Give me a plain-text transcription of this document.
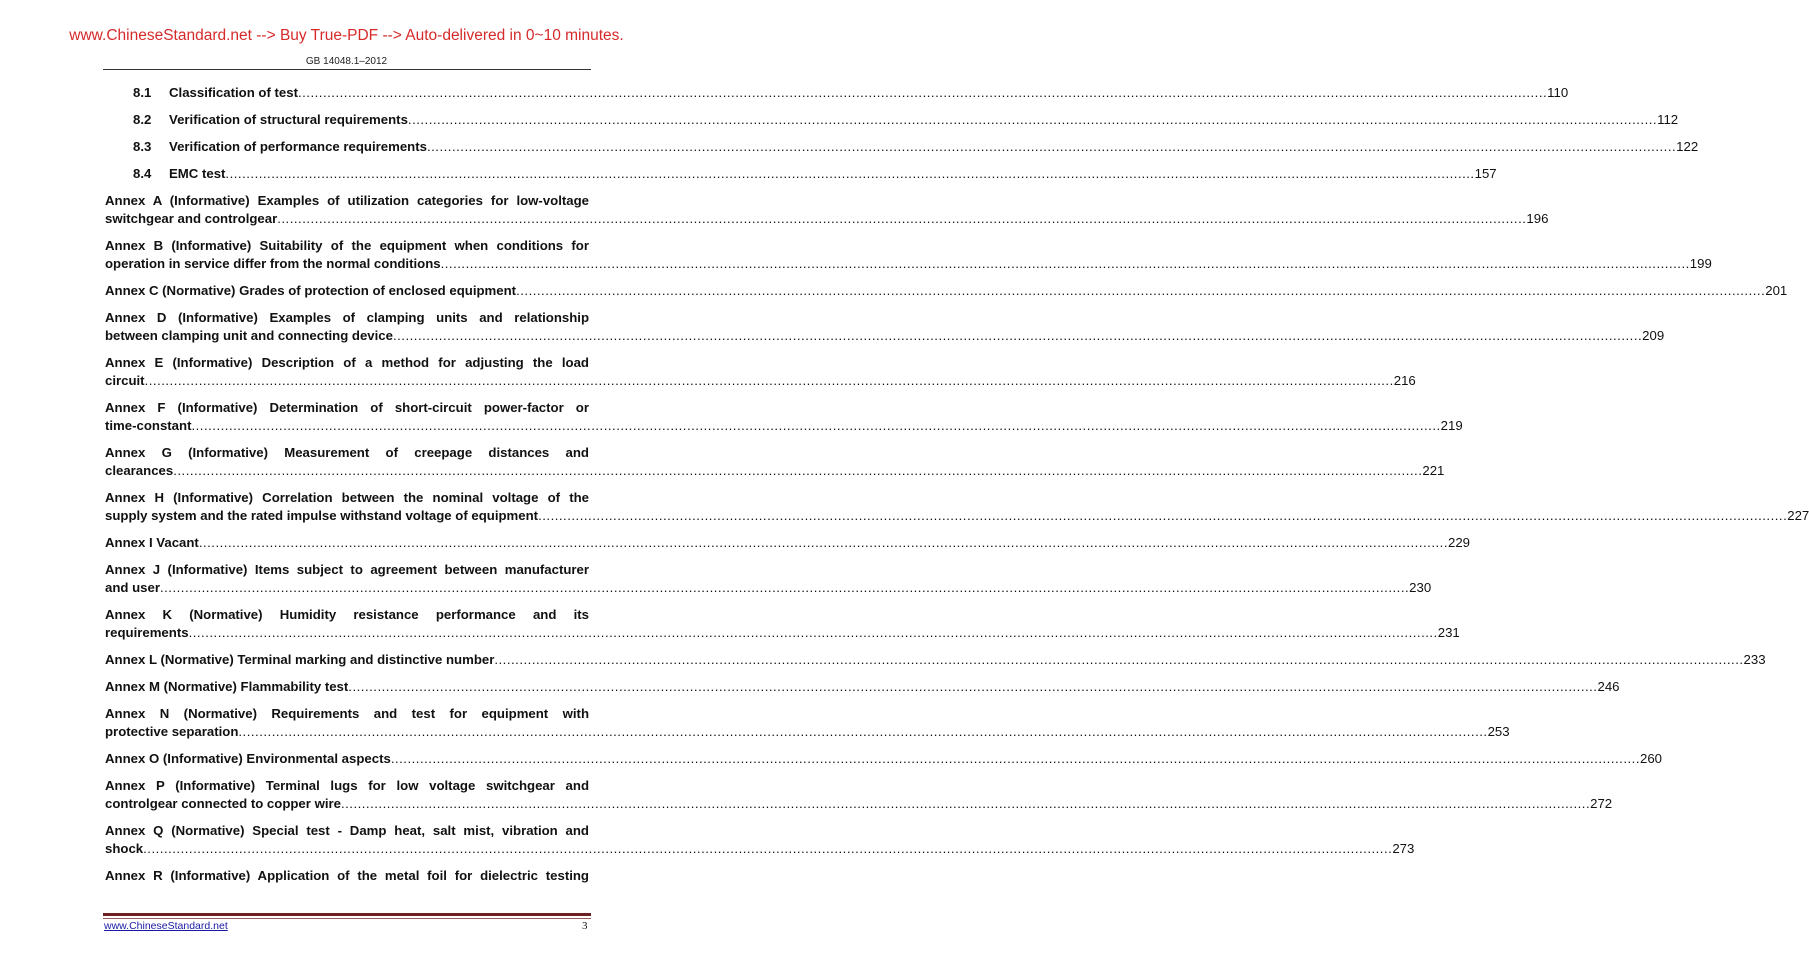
www.ChineseStandard.net --> Buy True-PDF --> Auto-delivered in 0~10 minutes.
GB 14048.1–2012
8.1	Classification of test ............................................................................................................................................................................................................................................................................................................ 110
8.2	Verification of structural requirements ............................................................................................................................................................................................................................................................................................................ 112
8.3	Verification of performance requirements ............................................................................................................................................................................................................................................................................................................ 122
8.4	EMC test ............................................................................................................................................................................................................................................................................................................ 157
Annex A (Informative) Examples of utilization categories for low-voltage
switchgear and controlgear ............................................................................................................................................................................................................................................................................................................ 196
Annex B (Informative) Suitability of the equipment when conditions for
operation in service differ from the normal conditions ............................................................................................................................................................................................................................................................................................................ 199
Annex C (Normative) Grades of protection of enclosed equipment ............................................................................................................................................................................................................................................................................................................ 201
Annex D (Informative) Examples of clamping units and relationship
between clamping unit and connecting device ............................................................................................................................................................................................................................................................................................................ 209
Annex E (Informative) Description of a method for adjusting the load
circuit ............................................................................................................................................................................................................................................................................................................ 216
Annex F (Informative) Determination of short-circuit power-factor or
time-constant ............................................................................................................................................................................................................................................................................................................ 219
Annex G (Informative) Measurement of creepage distances and
clearances ............................................................................................................................................................................................................................................................................................................ 221
Annex H (Informative) Correlation between the nominal voltage of the
supply system and the rated impulse withstand voltage of equipment ............................................................................................................................................................................................................................................................................................................ 227
Annex I Vacant ............................................................................................................................................................................................................................................................................................................ 229
Annex J (Informative) Items subject to agreement between manufacturer
and user ............................................................................................................................................................................................................................................................................................................ 230
Annex K (Normative) Humidity resistance performance and its
requirements ............................................................................................................................................................................................................................................................................................................ 231
Annex L (Normative) Terminal marking and distinctive number ............................................................................................................................................................................................................................................................................................................ 233
Annex M (Normative) Flammability test ............................................................................................................................................................................................................................................................................................................ 246
Annex N (Normative) Requirements and test for equipment with
protective separation ............................................................................................................................................................................................................................................................................................................ 253
Annex O (Informative) Environmental aspects ............................................................................................................................................................................................................................................................................................................ 260
Annex P (Informative) Terminal lugs for low voltage switchgear and
controlgear connected to copper wire ............................................................................................................................................................................................................................................................................................................ 272
Annex Q (Normative) Special test - Damp heat, salt mist, vibration and
shock ............................................................................................................................................................................................................................................................................................................ 273
Annex R (Informative) Application of the metal foil for dielectric testing
www.ChineseStandard.net	3
